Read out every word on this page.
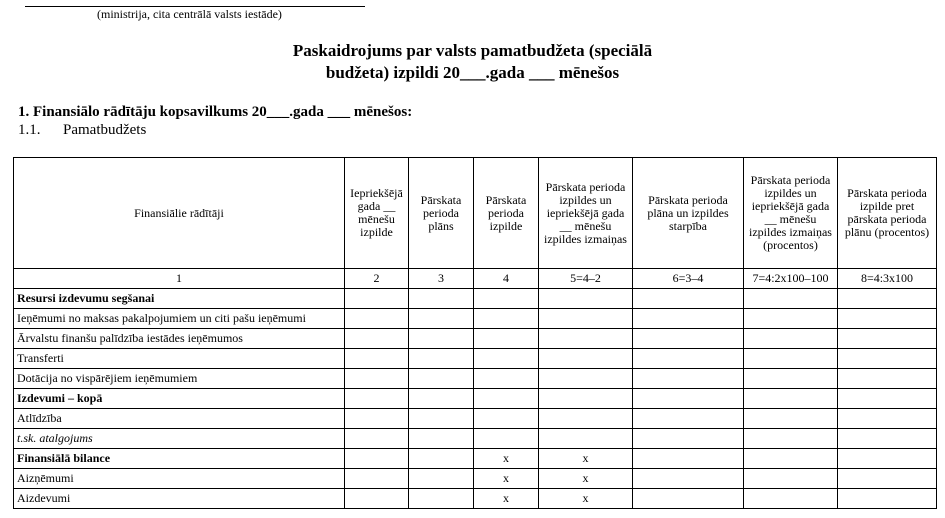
(ministrija, cita centrālā valsts iestāde)
Paskaidrojums par valsts pamatbudžeta (speciālā
budžeta) izpildi 20___.gada ___ mēnešos
1. Finansiālo rādītāju kopsavilkums 20___.gada ___ mēnešos:
1.1. Pamatbudžets
Finansiālie rādītāji	Iepriekšējā gada __ mēnešu izpilde	Pārskata perioda plāns	Pārskata perioda izpilde	Pārskata perioda izpildes un iepriekšējā gada __ mēnešu izpildes izmaiņas	Pārskata perioda plāna un izpildes starpība	Pārskata perioda izpildes un iepriekšējā gada __ mēnešu izpildes izmaiņas (procentos)	Pārskata perioda izpilde pret pārskata perioda plānu (procentos)
1	2	3	4	5=4–2	6=3–4	7=4:2x100–100	8=4:3x100
Resursi izdevumu segšanai							
Ieņēmumi no maksas pakalpojumiem un citi pašu ieņēmumi							
Ārvalstu finanšu palīdzība iestādes ieņēmumos							
Transferti							
Dotācija no vispārējiem ieņēmumiem							
Izdevumi – kopā							
Atlīdzība							
t.sk. atalgojums							
Finansiālā bilance			x	x			
Aizņēmumi			x	x			
Aizdevumi			x	x			
